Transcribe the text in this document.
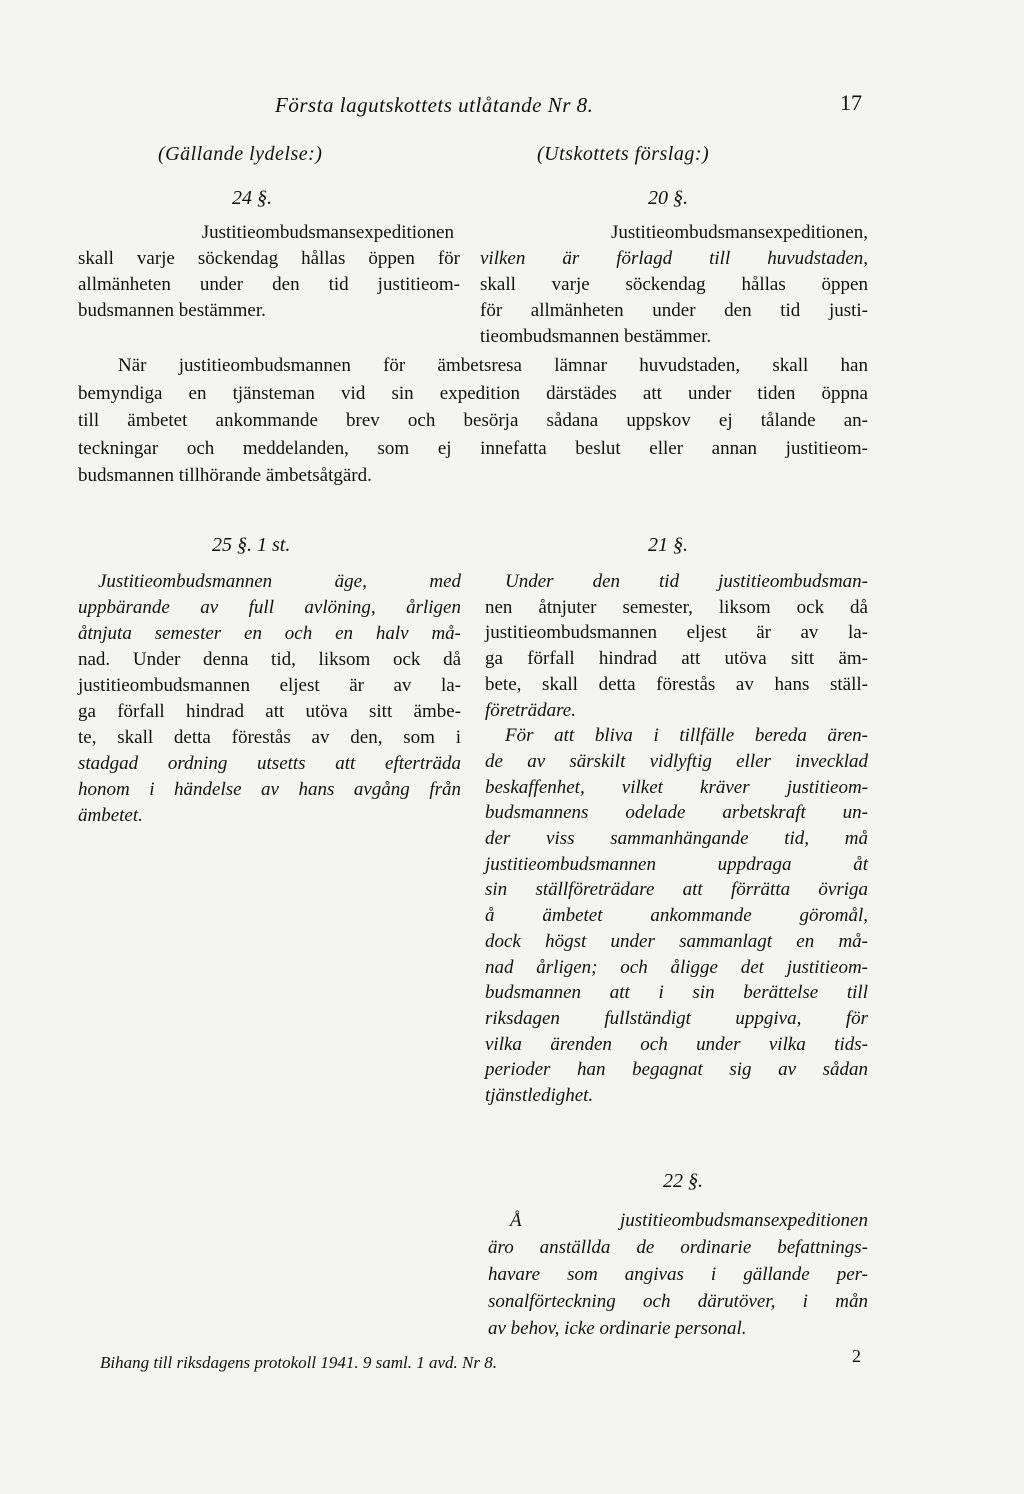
Första lagutskottets utlåtande Nr 8.	17
(Gällande lydelse:)	(Utskottets förslag:)
24 §.
Justitieombudsmansexpeditionen
skall varje söckendag hållas öppen för
allmänheten under den tid justitieom-
budsmannen bestämmer.
20 §.
Justitieombudsmansexpeditionen,
vilken är förlagd till huvudstaden,
skall varje söckendag hållas öppen
för allmänheten under den tid justi-
tieombudsmannen bestämmer.
När justitieombudsmannen för ämbetsresa lämnar huvudstaden, skall han
bemyndiga en tjänsteman vid sin expedition därstädes att under tiden öppna
till ämbetet ankommande brev och besörja sådana uppskov ej tålande an-
teckningar och meddelanden, som ej innefatta beslut eller annan justitieom-
budsmannen tillhörande ämbetsåtgärd.
25 §. 1 st.
Justitieombudsmannen äge, med
uppbärande av full avlöning, årligen
åtnjuta semester en och en halv må-
nad. Under denna tid, liksom ock då
justitieombudsmannen eljest är av la-
ga förfall hindrad att utöva sitt ämbe-
te, skall detta förestås av den, som i
stadgad ordning utsetts att efterträda
honom i händelse av hans avgång från
ämbetet.
21 §.
Under den tid justitieombudsman-
nen åtnjuter semester, liksom ock då
justitieombudsmannen eljest är av la-
ga förfall hindrad att utöva sitt äm-
bete, skall detta förestås av hans ställ-
företrädare.
För att bliva i tillfälle bereda ären-
de av särskilt vidlyftig eller invecklad
beskaffenhet, vilket kräver justitieom-
budsmannens odelade arbetskraft un-
der viss sammanhängande tid, må
justitieombudsmannen uppdraga åt
sin ställföreträdare att förrätta övriga
å ämbetet ankommande göromål,
dock högst under sammanlagt en må-
nad årligen; och åligge det justitieom-
budsmannen att i sin berättelse till
riksdagen fullständigt uppgiva, för
vilka ärenden och under vilka tids-
perioder han begagnat sig av sådan
tjänstledighet.
22 §.
Å justitieombudsmansexpeditionen
äro anställda de ordinarie befattnings-
havare som angivas i gällande per-
sonalförteckning och därutöver, i mån
av behov, icke ordinarie personal.
Bihang till riksdagens protokoll 1941. 9 saml. 1 avd. Nr 8.	2
